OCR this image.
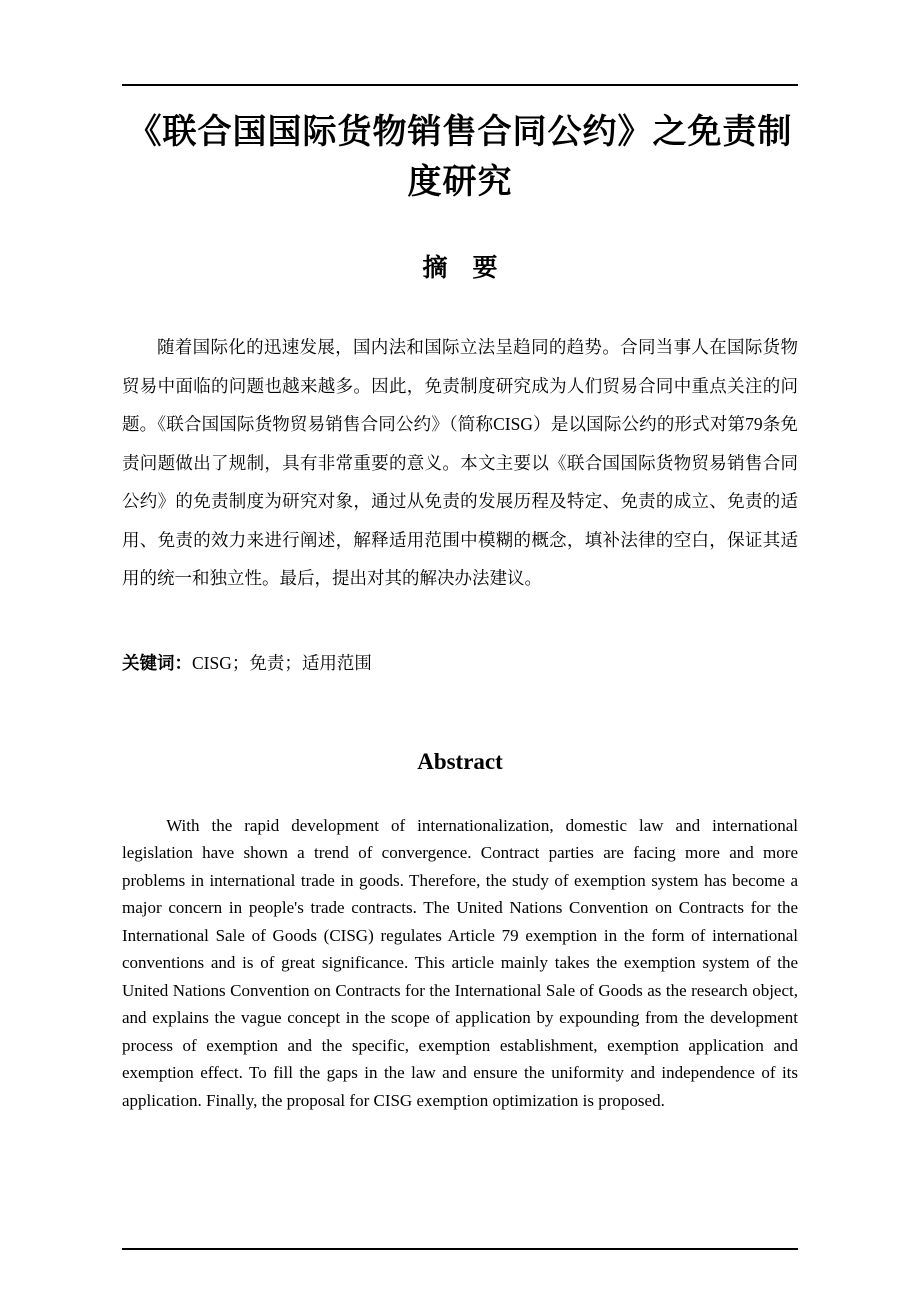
《联合国国际货物销售合同公约》之免责制度研究
摘　要

随着国际化的迅速发展，国内法和国际立法呈趋同的趋势。合同当事人在国际货物贸易中面临的问题也越来越多。因此，免责制度研究成为人们贸易合同中重点关注的问题。《联合国国际货物贸易销售合同公约》（简称CISG）是以国际公约的形式对第79条免责问题做出了规制，具有非常重要的意义。本文主要以《联合国国际货物贸易销售合同公约》的免责制度为研究对象，通过从免责的发展历程及特定、免责的成立、免责的适用、免责的效力来进行阐述，解释适用范围中模糊的概念，填补法律的空白，保证其适用的统一和独立性。最后，提出对其的解决办法建议。

关键词：CISG；免责；适用范围

Abstract

With the rapid development of internationalization, domestic law and international legislation have shown a trend of convergence. Contract parties are facing more and more problems in international trade in goods. Therefore, the study of exemption system has become a major concern in people's trade contracts. The United Nations Convention on Contracts for the International Sale of Goods (CISG) regulates Article 79 exemption in the form of international conventions and is of great significance. This article mainly takes the exemption system of the United Nations Convention on Contracts for the International Sale of Goods as the research object, and explains the vague concept in the scope of application by expounding from the development process of exemption and the specific, exemption establishment, exemption application and exemption effect. To fill the gaps in the law and ensure the uniformity and independence of its application. Finally, the proposal for CISG exemption optimization is proposed.
